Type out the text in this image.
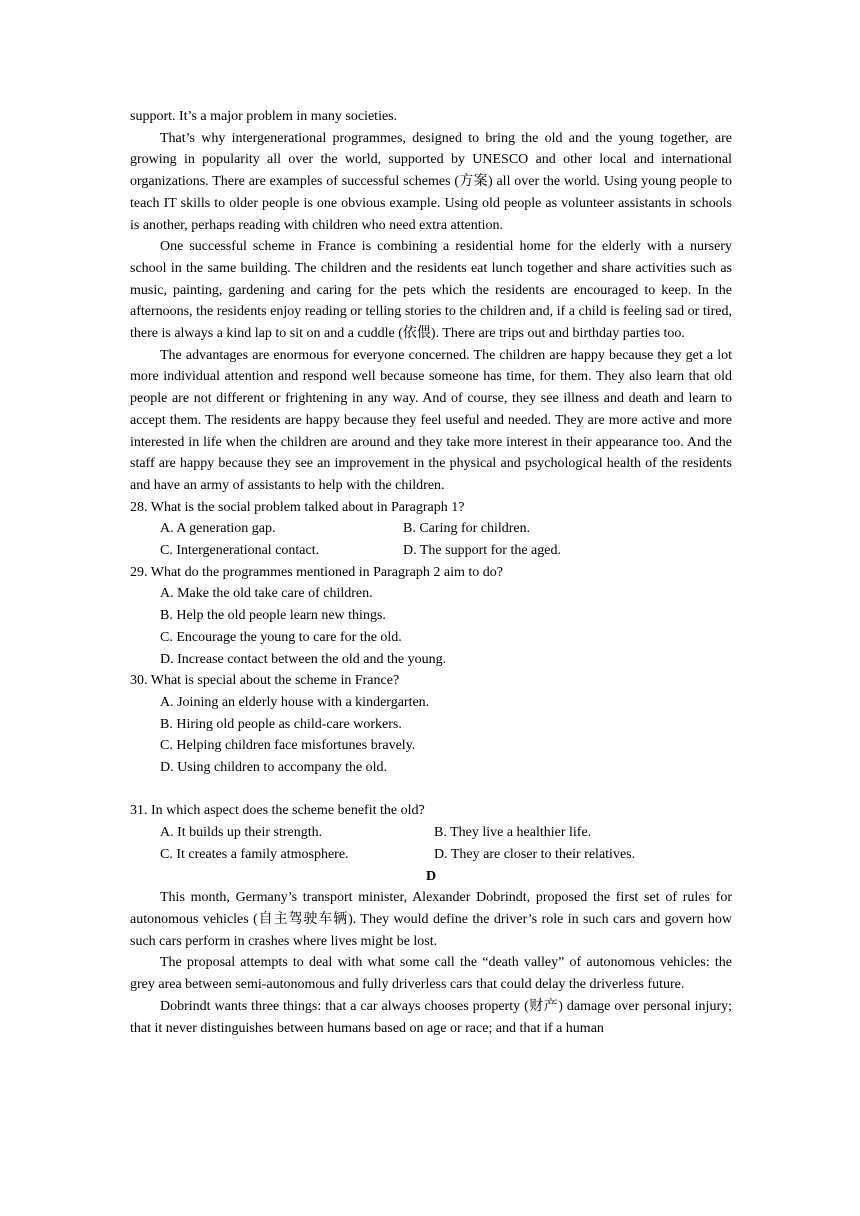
support. It’s a major problem in many societies.

That’s why intergenerational programmes, designed to bring the old and the young together, are growing in popularity all over the world, supported by UNESCO and other local and international organizations. There are examples of successful schemes (方案) all over the world. Using young people to teach IT skills to older people is one obvious example. Using old people as volunteer assistants in schools is another, perhaps reading with children who need extra attention.

One successful scheme in France is combining a residential home for the elderly with a nursery school in the same building. The children and the residents eat lunch together and share activities such as music, painting, gardening and caring for the pets which the residents are encouraged to keep. In the afternoons, the residents enjoy reading or telling stories to the children and, if a child is feeling sad or tired, there is always a kind lap to sit on and a cuddle (依偎). There are trips out and birthday parties too.

The advantages are enormous for everyone concerned. The children are happy because they get a lot more individual attention and respond well because someone has time, for them. They also learn that old people are not different or frightening in any way. And of course, they see illness and death and learn to accept them. The residents are happy because they feel useful and needed. They are more active and more interested in life when the children are around and they take more interest in their appearance too. And the staff are happy because they see an improvement in the physical and psychological health of the residents and have an army of assistants to help with the children.

28. What is the social problem talked about in Paragraph 1?

A. A generation gap.	B. Caring for children.
C. Intergenerational contact.	D. The support for the aged.

29. What do the programmes mentioned in Paragraph 2 aim to do?

A. Make the old take care of children.

B. Help the old people learn new things.

C. Encourage the young to care for the old.

D. Increase contact between the old and the young.

30. What is special about the scheme in France?

A. Joining an elderly house with a kindergarten.

B. Hiring old people as child-care workers.

C. Helping children face misfortunes bravely.

D. Using children to accompany the old.

31. In which aspect does the scheme benefit the old?

A. It builds up their strength.	B. They live a healthier life.
C. It creates a family atmosphere.	D. They are closer to their relatives.

D

This month, Germany’s transport minister, Alexander Dobrindt, proposed the first set of rules for autonomous vehicles (自主驾驶车辆). They would define the driver’s role in such cars and govern how such cars perform in crashes where lives might be lost.

The proposal attempts to deal with what some call the “death valley” of autonomous vehicles: the grey area between semi-autonomous and fully driverless cars that could delay the driverless future.

Dobrindt wants three things: that a car always chooses property (财产) damage over personal injury; that it never distinguishes between humans based on age or race; and that if a human
